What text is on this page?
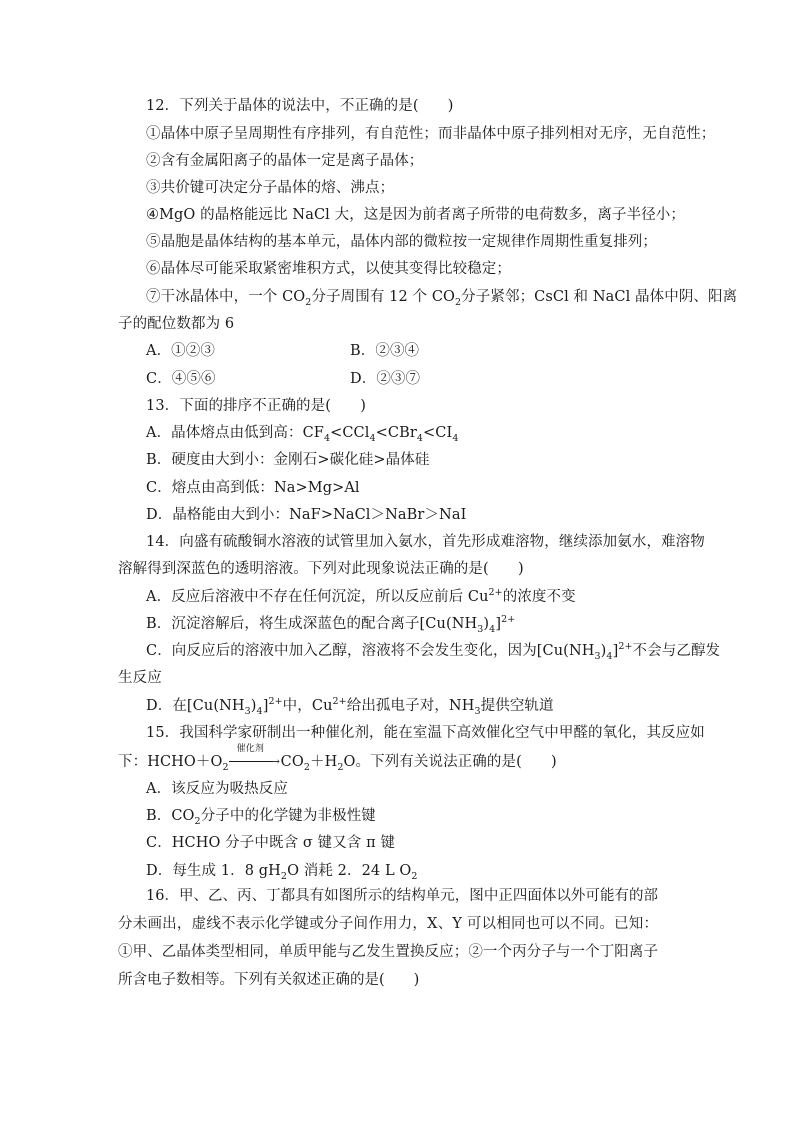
12．下列关于晶体的说法中，不正确的是(　　)
①晶体中原子呈周期性有序排列，有自范性；而非晶体中原子排列相对无序，无自范性；
②含有金属阳离子的晶体一定是离子晶体；
③共价键可决定分子晶体的熔、沸点；
④MgO 的晶格能远比 NaCl 大，这是因为前者离子所带的电荷数多，离子半径小；
⑤晶胞是晶体结构的基本单元，晶体内部的微粒按一定规律作周期性重复排列；
⑥晶体尽可能采取紧密堆积方式，以使其变得比较稳定；
⑦干冰晶体中，一个 $CO_2$分子周围有 12 个 $CO_2$分子紧邻；CsCl 和 NaCl 晶体中阴、阳离
子的配位数都为 6
A．①②③	B．②③④
C．④⑤⑥	D．②③⑦
13．下面的排序不正确的是(　　)
A．晶体熔点由低到高：$CF_4<CCl_4<CBr_4<CI_4$
B．硬度由大到小：金刚石>碳化硅>晶体硅
C．熔点由高到低：Na>Mg>Al
D．晶格能由大到小：NaF>NaCl＞NaBr＞NaI
14．向盛有硫酸铜水溶液的试管里加入氨水，首先形成难溶物，继续添加氨水，难溶物
溶解得到深蓝色的透明溶液。下列对此现象说法正确的是(　　)
A．反应后溶液中不存在任何沉淀，所以反应前后 $Cu^{2+}$的浓度不变
B．沉淀溶解后，将生成深蓝色的配合离子$[Cu(NH_3)_4]^{2+}$
C．向反应后的溶液中加入乙醇，溶液将不会发生变化，因为$[Cu(NH_3)_4]^{2+}$不会与乙醇发
生反应
D．在$[Cu(NH_3)_4]^{2+}$中，$Cu^{2+}$给出孤电子对，$NH_3$提供空轨道
15．我国科学家研制出一种催化剂，能在室温下高效催化空气中甲醛的氧化，其反应如
下：$HCHO+O_2$
催化剂
→ $CO_2+H_2O$。下列有关说法正确的是(　　)
A．该反应为吸热反应
B．$CO_2$分子中的化学键为非极性键
C．HCHO 分子中既含 σ 键又含 π 键
D．每生成 1．8 $gH_2O$ 消耗 2．24 L $O_2$
16．甲、乙、丙、丁都具有如图所示的结构单元，图中正四面体以外可能有的部分未画出，虚线不表示化学键或分子间作用力，X、Y 可以相同也可以不同。已知：①甲、乙晶体类型相同，单质甲能与乙发生置换反应；②一个丙分子与一个丁阳离子所含电子数相等。下列有关叙述正确的是(　　)
